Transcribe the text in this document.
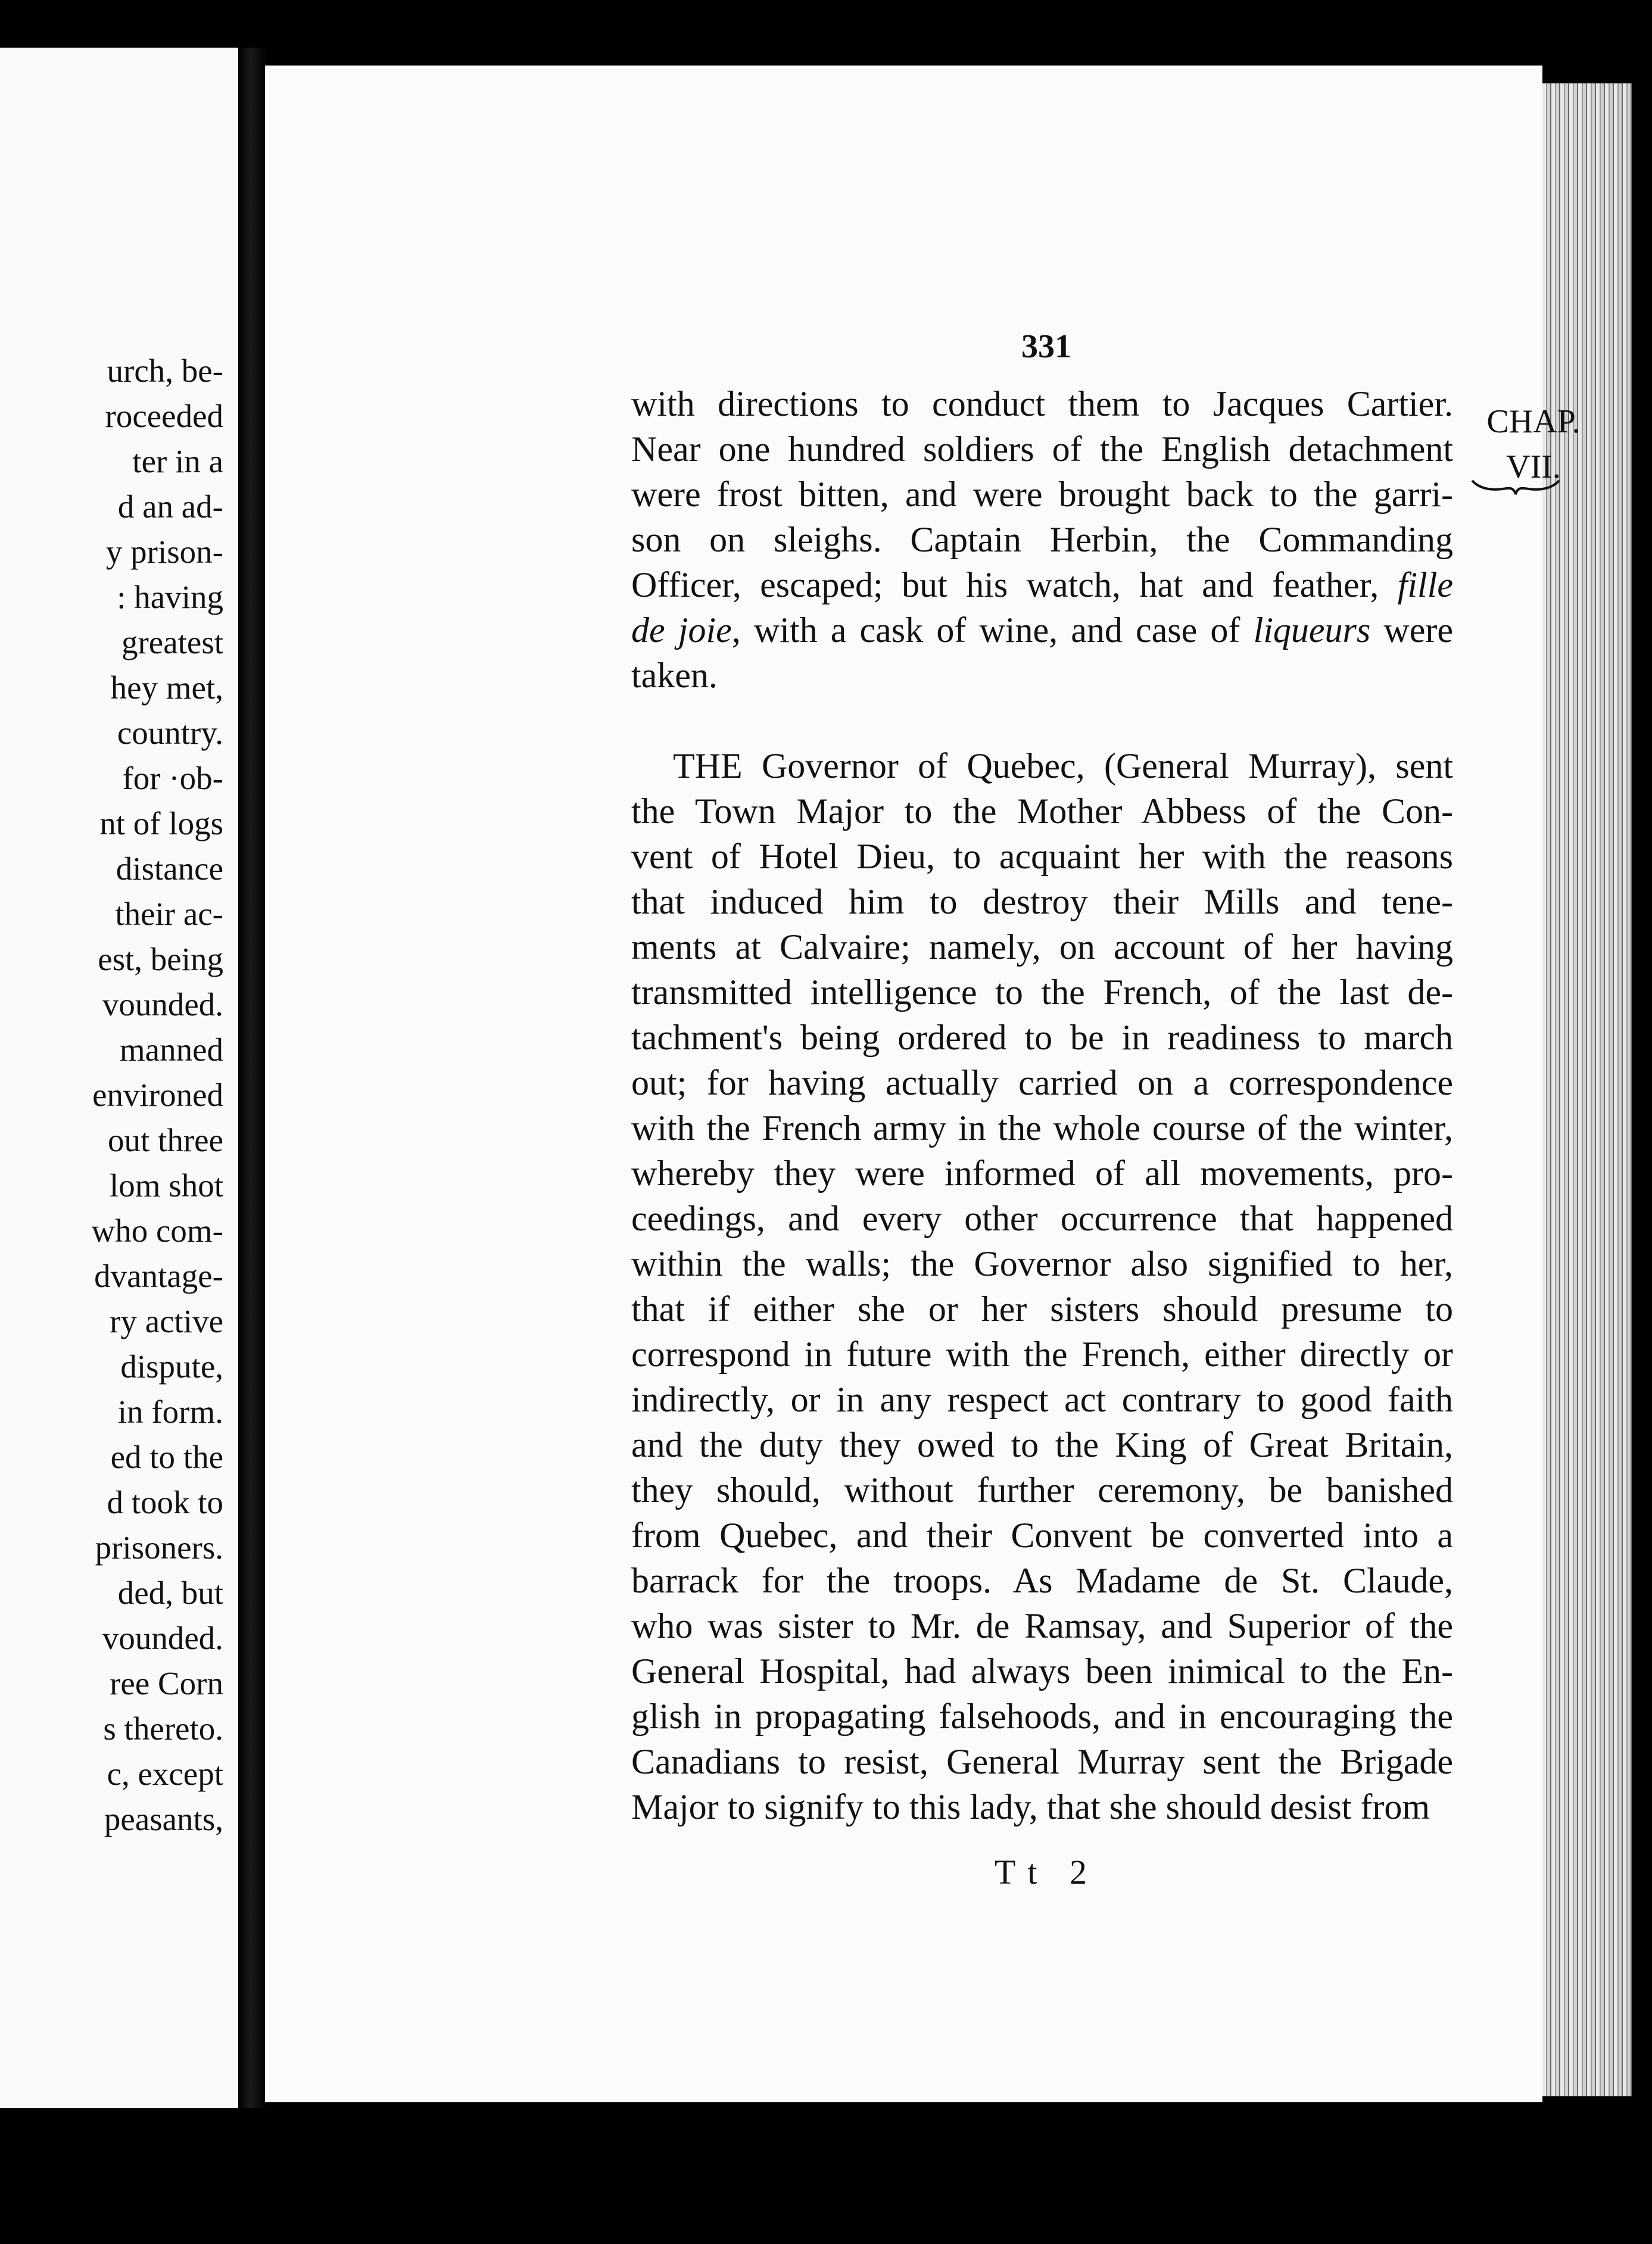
urch, be-
roceeded
ter in a
d an ad-
y prison-
: having
greatest
hey met,
country.
for ·ob-
nt of logs
distance
their ac-
est, being
vounded.
manned
environed
out three
lom shot
who com-
dvantage-
ry active
dispute,
in form.
ed to the
d took to
prisoners.
ded, but
vounded.
ree Corn
s thereto.
c, except
peasants,
331
with directions to conduct them to Jacques Cartier.
Near one hundred soldiers of the English detachment
were frost bitten, and were brought back to the garri-
son on sleighs. Captain Herbin, the Commanding
Officer, escaped; but his watch, hat and feather, fille
de joie, with a cask of wine, and case of liqueurs were
taken.
THE Governor of Quebec, (General Murray), sent
the Town Major to the Mother Abbess of the Con-
vent of Hotel Dieu, to acquaint her with the reasons
that induced him to destroy their Mills and tene-
ments at Calvaire; namely, on account of her having
transmitted intelligence to the French, of the last de-
tachment's being ordered to be in readiness to march
out; for having actually carried on a correspondence
with the French army in the whole course of the winter,
whereby they were informed of all movements, pro-
ceedings, and every other occurrence that happened
within the walls; the Governor also signified to her,
that if either she or her sisters should presume to
correspond in future with the French, either directly or
indirectly, or in any respect act contrary to good faith
and the duty they owed to the King of Great Britain,
they should, without further ceremony, be banished
from Quebec, and their Convent be converted into a
barrack for the troops. As Madame de St. Claude,
who was sister to Mr. de Ramsay, and Superior of the
General Hospital, had always been inimical to the En-
glish in propagating falsehoods, and in encouraging the
Canadians to resist, General Murray sent the Brigade
Major to signify to this lady, that she should desist from
CHAP.
VII.
Tt 2
